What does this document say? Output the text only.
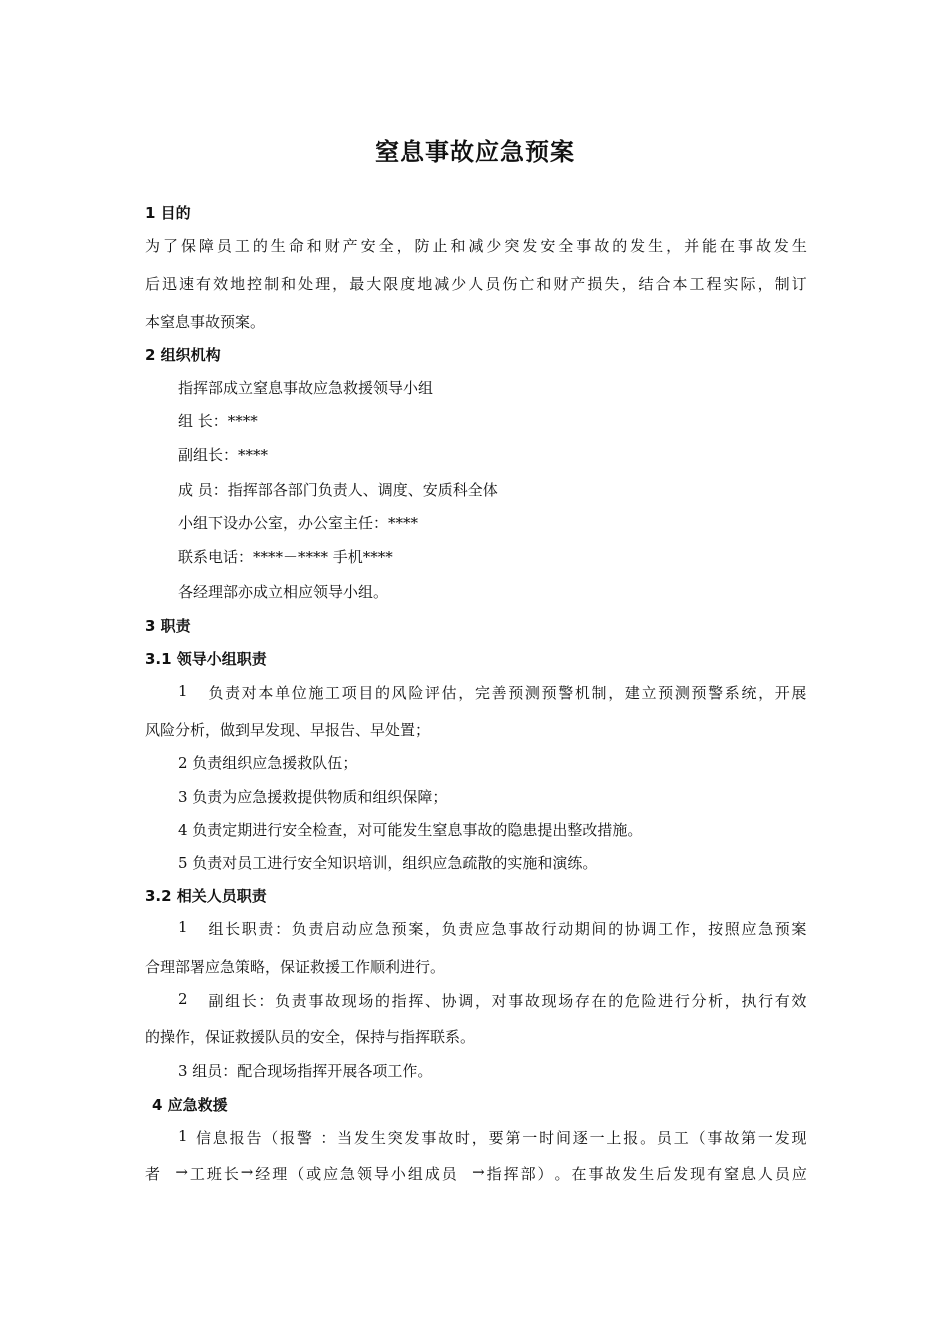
窒息事故应急预案
1 目的
为 了 保 障 员 工 的 生 命 和 财 产 安 全 ， 防 止 和 减 少 突 发 安 全 事 故 的 发 生 ， 并 能 在 事 故 发 生
后 迅 速 有 效 地 控 制 和 处 理 ， 最 大 限 度 地 减 少 人 员 伤 亡 和 财 产 损 失 ， 结 合 本 工 程 实 际 ， 制 订
本窒息事故预案。
2 组织机构
指挥部成立窒息事故应急救援领导小组
组 长：****
副组长：****
成 员：指挥部各部门负责人、调度、安质科全体
小组下设办公室，办公室主任：****
联系电话：****－**** 手机****
各经理部亦成立相应领导小组。
3 职责
3.1 领导小组职责
1

负 责 对 本 单 位 施 工 项 目 的 风 险 评 估 ， 完 善 预 测 预 警 机 制 ， 建 立 预 测 预 警 系 统 ， 开 展
风险分析，做到早发现、早报告、早处置；
2 负责组织应急援救队伍；
3 负责为应急援救提供物质和组织保障；
4 负责定期进行安全检查，对可能发生窒息事故的隐患提出整改措施。
5 负责对员工进行安全知识培训，组织应急疏散的实施和演练。
3.2 相关人员职责
1

组 长 职 责 ： 负 责 启 动 应 急 预 案 ， 负 责 应 急 事 故 行 动 期 间 的 协 调 工 作 ， 按 照 应 急 预 案
合理部署应急策略，保证救援工作顺利进行。
2

副 组 长 ： 负 责 事 故 现 场 的 指 挥 、 协 调 ， 对 事 故 现 场 存 在 的 危 险 进 行 分 析 ， 执 行 有 效
的操作，保证救援队员的安全，保持与指挥联系。
3 组员：配合现场指挥开展各项工作。
4 应急救援
1
信 息 报 告 （ 报 警
： 当 发 生 突 发 事 故 时 ， 要 第 一 时 间 逐 一 上 报 。 员 工 （ 事 故 第 一 发 现
者

→ 工 班 长 → 经 理 （ 或 应 急 领 导 小 组 成 员

→ 指 挥 部 ） 。 在 事 故 发 生 后 发 现 有 窒 息 人 员 应
